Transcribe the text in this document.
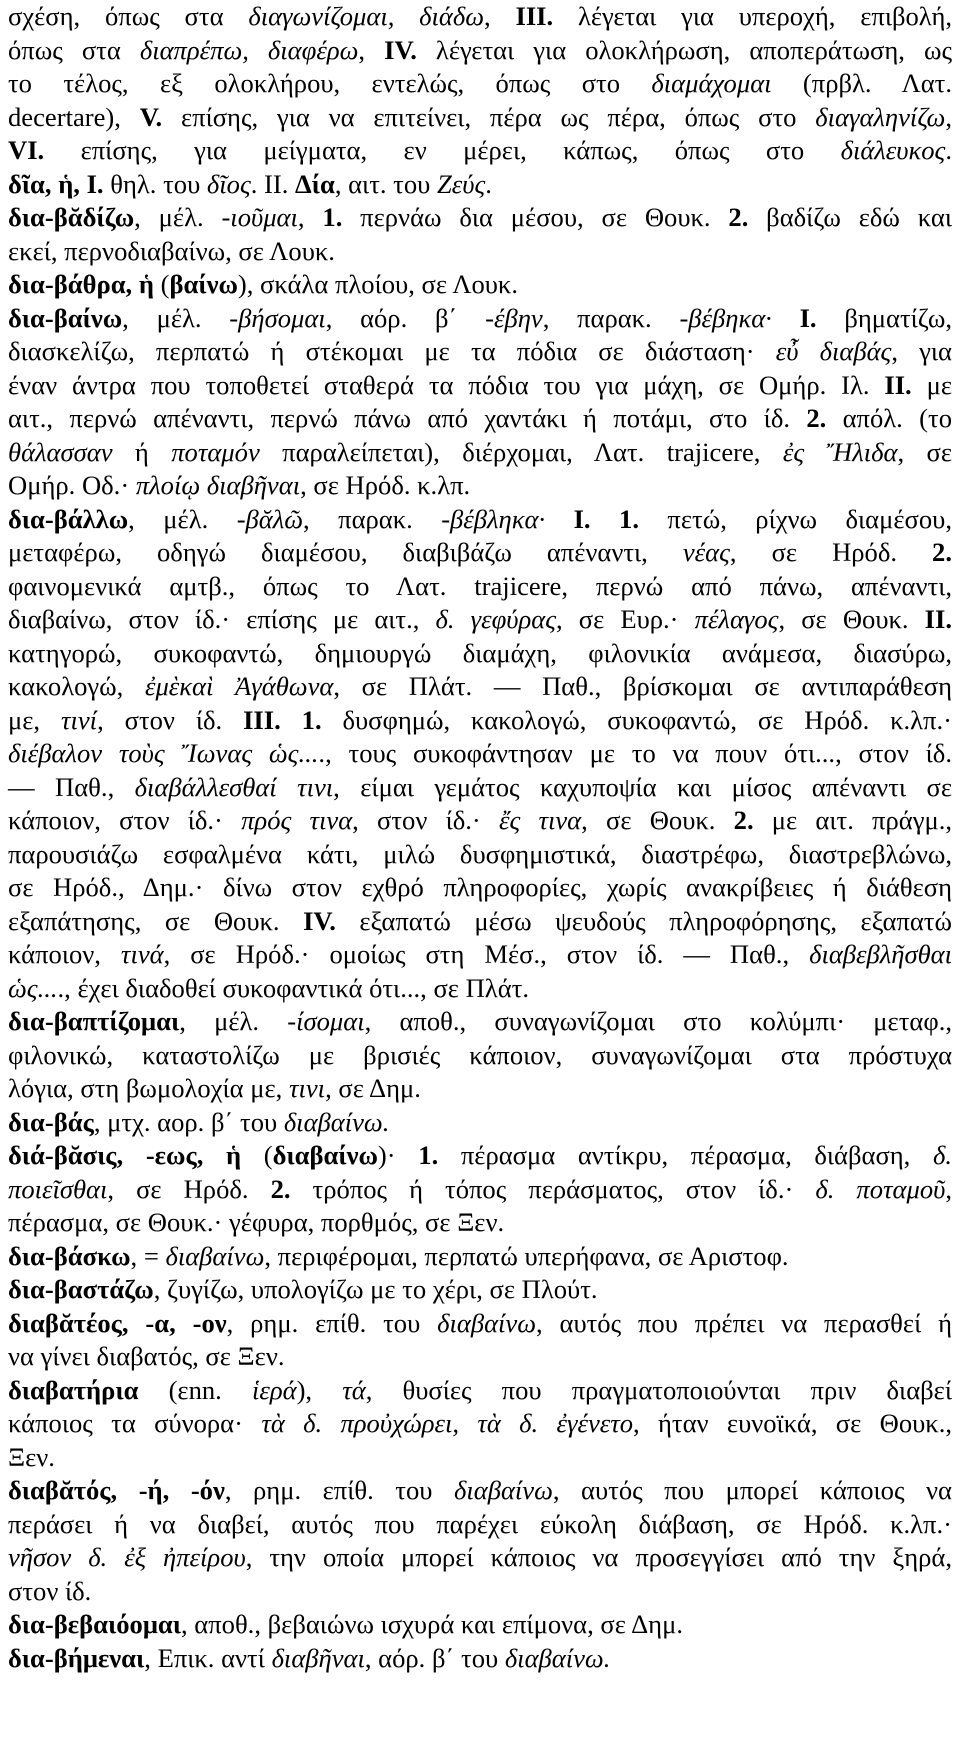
σχέση, όπως στα διαγωνίζομαι, διάδω, III. λέγεται για υπεροχή, επιβολή,
όπως στα διαπρέπω, διαφέρω, IV. λέγεται για ολοκλήρωση, αποπεράτωση, ως
το τέλος, εξ ολοκλήρου, εντελώς, όπως στο διαμάχομαι (πρβλ. Λατ.
decertare), V. επίσης, για να επιτείνει, πέρα ως πέρα, όπως στο διαγαληνίζω,
VI. επίσης, για μείγματα, εν μέρει, κάπως, όπως στο διάλευκος.
δῖα, ἡ, I. θηλ. του δῖος. II. Δία, αιτ. του Ζεύς.
δια-βᾰδίζω, μέλ. -ιοῦμαι, 1. περνάω δια μέσου, σε Θουκ. 2. βαδίζω εδώ και
εκεί, περνοδιαβαίνω, σε Λουκ.
δια-βάθρα, ἡ (βαίνω), σκάλα πλοίου, σε Λουκ.
δια-βαίνω, μέλ. -βήσομαι, αόρ. β΄ -έβην, παρακ. -βέβηκα· I. βηματίζω,
διασκελίζω, περπατώ ή στέκομαι με τα πόδια σε διάσταση· εὖ διαβάς, για
έναν άντρα που τοποθετεί σταθερά τα πόδια του για μάχη, σε Ομήρ. Ιλ. II. με
αιτ., περνώ απέναντι, περνώ πάνω από χαντάκι ή ποτάμι, στο ίδ. 2. απόλ. (το
θάλασσαν ή ποταμόν παραλείπεται), διέρχομαι, Λατ. trajicere, ἐς Ἤλιδα, σε
Ομήρ. Οδ.· πλοίῳ διαβῆναι, σε Ηρόδ. κ.λπ.
δια-βάλλω, μέλ. -βᾰλῶ, παρακ. -βέβληκα· I. 1. πετώ, ρίχνω διαμέσου,
μεταφέρω, οδηγώ διαμέσου, διαβιβάζω απέναντι, νέας, σε Ηρόδ. 2.
φαινομενικά αμτβ., όπως το Λατ. trajicere, περνώ από πάνω, απέναντι,
διαβαίνω, στον ίδ.· επίσης με αιτ., δ. γεφύρας, σε Ευρ.· πέλαγος, σε Θουκ. II.
κατηγορώ, συκοφαντώ, δημιουργώ διαμάχη, φιλονικία ανάμεσα, διασύρω,
κακολογώ, ἐμὲκαὶ Ἀγάθωνα, σε Πλάτ. — Παθ., βρίσκομαι σε αντιπαράθεση
με, τινί, στον ίδ. III. 1. δυσφημώ, κακολογώ, συκοφαντώ, σε Ηρόδ. κ.λπ.·
διέβαλον τοὺς Ἴωνας ὡς...., τους συκοφάντησαν με το να πουν ότι..., στον ίδ.
— Παθ., διαβάλλεσθαί τινι, είμαι γεμάτος καχυποψία και μίσος απέναντι σε
κάποιον, στον ίδ.· πρός τινα, στον ίδ.· ἔς τινα, σε Θουκ. 2. με αιτ. πράγμ.,
παρουσιάζω εσφαλμένα κάτι, μιλώ δυσφημιστικά, διαστρέφω, διαστρεβλώνω,
σε Ηρόδ., Δημ.· δίνω στον εχθρό πληροφορίες, χωρίς ανακρίβειες ή διάθεση
εξαπάτησης, σε Θουκ. IV. εξαπατώ μέσω ψευδούς πληροφόρησης, εξαπατώ
κάποιον, τινά, σε Ηρόδ.· ομοίως στη Μέσ., στον ίδ. — Παθ., διαβεβλῆσθαι
ὡς...., έχει διαδοθεί συκοφαντικά ότι..., σε Πλάτ.
δια-βαπτίζομαι, μέλ. -ίσομαι, αποθ., συναγωνίζομαι στο κολύμπι· μεταφ.,
φιλονικώ, καταστολίζω με βρισιές κάποιον, συναγωνίζομαι στα πρόστυχα
λόγια, στη βωμολοχία με, τινι, σε Δημ.
δια-βάς, μτχ. αορ. β΄ του διαβαίνω.
διά-βᾰσις, -εως, ἡ (διαβαίνω)· 1. πέρασμα αντίκρυ, πέρασμα, διάβαση, δ.
ποιεῖσθαι, σε Ηρόδ. 2. τρόπος ή τόπος περάσματος, στον ίδ.· δ. ποταμοῦ,
πέρασμα, σε Θουκ.· γέφυρα, πορθμός, σε Ξεν.
δια-βάσκω, = διαβαίνω, περιφέρομαι, περπατώ υπερήφανα, σε Αριστοφ.
δια-βαστάζω, ζυγίζω, υπολογίζω με το χέρι, σε Πλούτ.
διαβᾰτέος, -α, -ον, ρημ. επίθ. του διαβαίνω, αυτός που πρέπει να περασθεί ή
να γίνει διαβατός, σε Ξεν.
διαβατήρια (εnn. ἱερά), τά, θυσίες που πραγματοποιούνται πριν διαβεί
κάποιος τα σύνορα· τὰ δ. προὐχώρει, τὰ δ. ἐγένετο, ήταν ευνοϊκά, σε Θουκ.,
Ξεν.
διαβᾰτός, -ή, -όν, ρημ. επίθ. του διαβαίνω, αυτός που μπορεί κάποιος να
περάσει ή να διαβεί, αυτός που παρέχει εύκολη διάβαση, σε Ηρόδ. κ.λπ.·
νῆσον δ. ἐξ ἠπείρου, την οποία μπορεί κάποιος να προσεγγίσει από την ξηρά,
στον ίδ.
δια-βεβαιόομαι, αποθ., βεβαιώνω ισχυρά και επίμονα, σε Δημ.
δια-βήμεναι, Επικ. αντί διαβῆναι, αόρ. β΄ του διαβαίνω.
